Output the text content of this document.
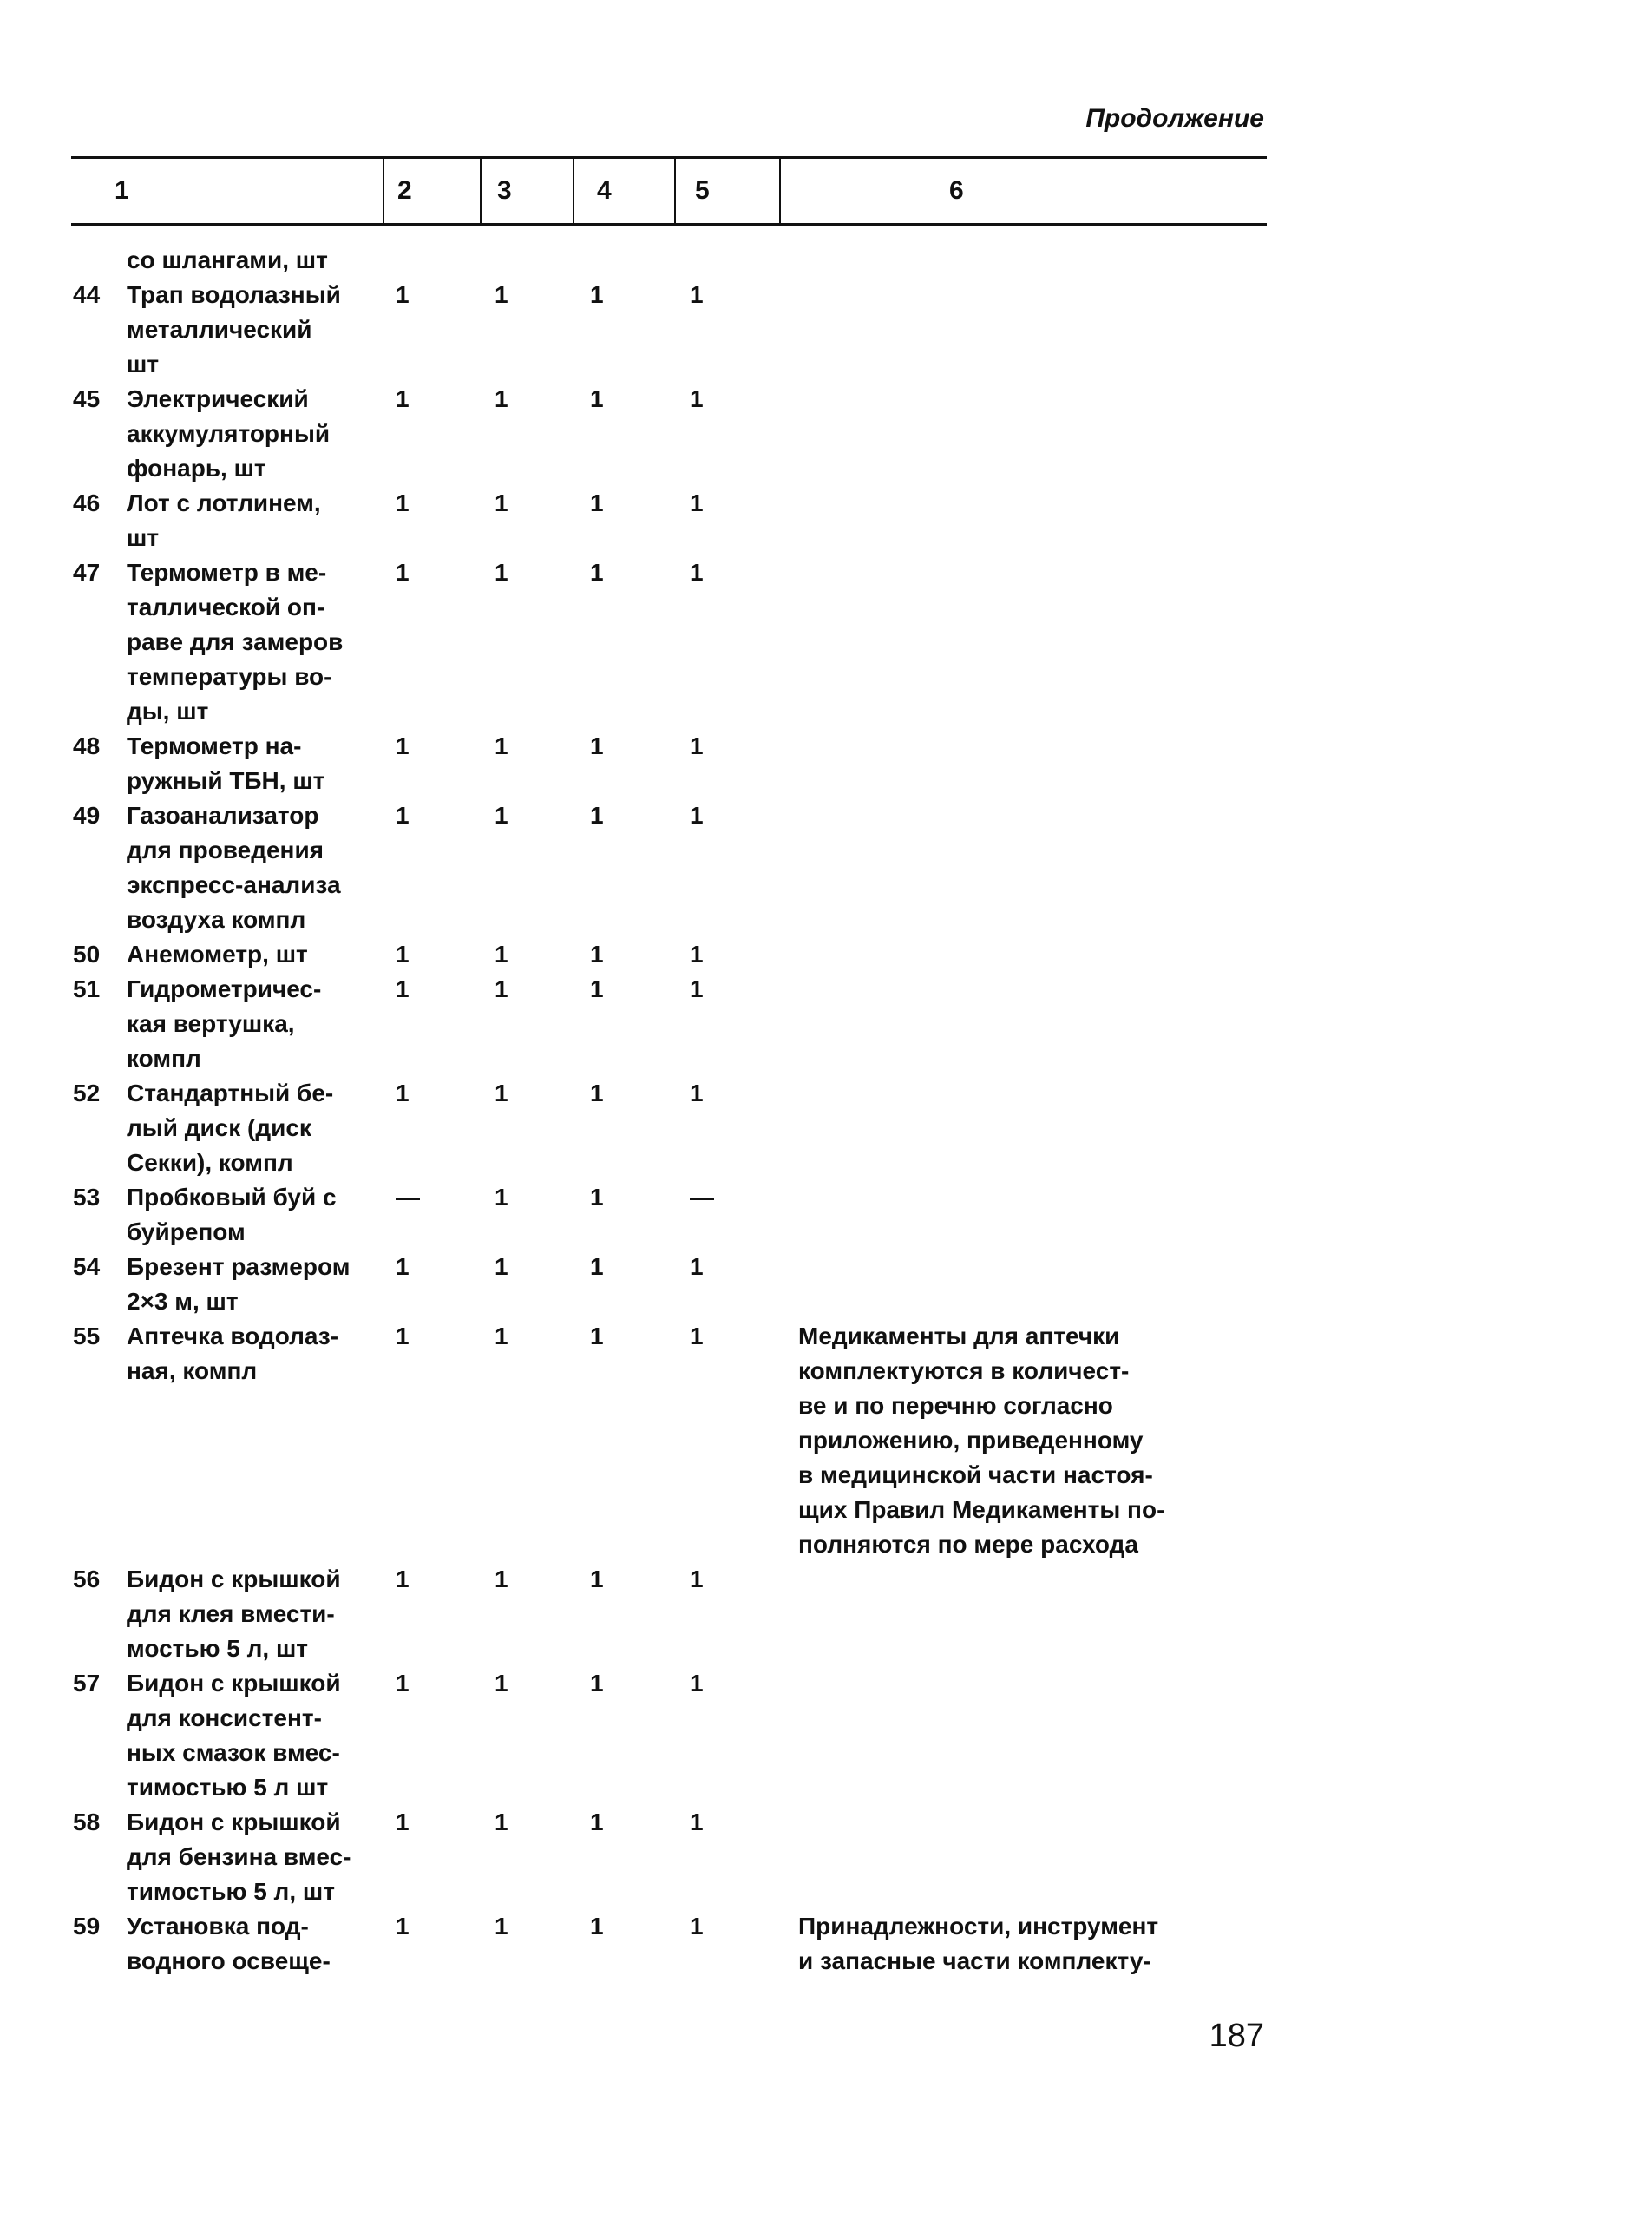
Продолжение
1	2	3	4	5	6
со шлангами, шт
44	Трап водолазный
металлический
шт
1	1	1	1
45	Электрический
аккумуляторный
фонарь, шт
1	1	1	1
46	Лот с лотлинем,
шт
1	1	1	1
47	Термометр в ме-
таллической оп-
раве для замеров
температуры во-
ды, шт
1	1	1	1
48	Термометр на-
ружный ТБН, шт
1	1	1	1
49	Газоанализатор
для проведения
экспресс-анализа
воздуха компл
1	1	1	1
50	Анемометр, шт	1	1	1	1
51	Гидрометричес-
кая вертушка,
компл
1	1	1	1
52	Стандартный бе-
лый диск (диск
Секки), компл
1	1	1	1
53	Пробковый буй с
буйрепом
—	1	1	—
54	Брезент размером
2×3 м, шт
1	1	1	1
55	Аптечка водолаз-
ная, компл
1	1	1	1	Медикаменты для аптечки
комплектуются в количест-
ве и по перечню согласно
приложению, приведенному
в медицинской части настоя-
щих Правил Медикаменты по-
полняются по мере расхода
56	Бидон с крышкой
для клея вмести-
мостью 5 л, шт
1	1	1	1
57	Бидон с крышкой
для консистент-
ных смазок вмес-
тимостью 5 л шт
1	1	1	1
58	Бидон с крышкой
для бензина вмес-
тимостью 5 л, шт
1	1	1	1
59	Установка под-
водного освеще-
1	1	1	1	Принадлежности, инструмент
и запасные части комплекту-
187
